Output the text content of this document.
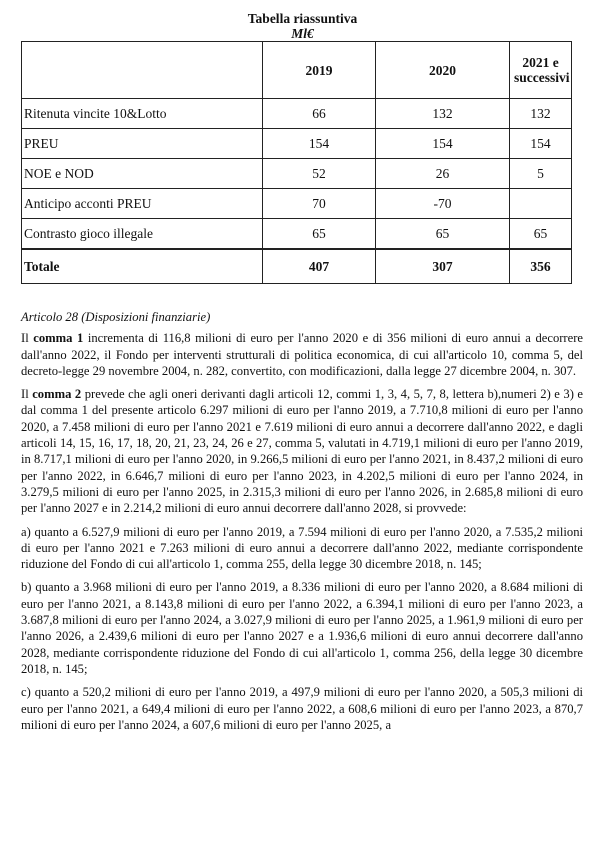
Tabella riassuntiva
Ml€
	2019	2020	2021 e successivi
Ritenuta vincite 10&Lotto	66	132	132
PREU	154	154	154
NOE e NOD	52	26	5
Anticipo acconti PREU	70	-70	
Contrasto gioco illegale	65	65	65
Totale	407	307	356

Articolo 28 (Disposizioni finanziarie)

Il comma 1 incrementa di 116,8 milioni di euro per l'anno 2020 e di 356 milioni di euro annui a decorrere dall'anno 2022, il Fondo per interventi strutturali di politica economica, di cui all'articolo 10, comma 5, del decreto-legge 29 novembre 2004, n. 282, convertito, con modificazioni, dalla legge 27 dicembre 2004, n. 307.

Il comma 2 prevede che agli oneri derivanti dagli articoli 12, commi 1, 3, 4, 5, 7, 8, lettera b),numeri 2) e 3) e dal comma 1 del presente articolo 6.297 milioni di euro per l'anno 2019, a 7.710,8 milioni di euro per l'anno 2020, a 7.458 milioni di euro per l'anno 2021 e 7.619 milioni di euro annui a decorrere dall'anno 2022, e dagli articoli 14, 15, 16, 17, 18, 20, 21, 23, 24, 26 e 27, comma 5, valutati in 4.719,1 milioni di euro per l'anno 2019, in 8.717,1 milioni di euro per l'anno 2020, in 9.266,5 milioni di euro per l'anno 2021, in 8.437,2 milioni di euro per l'anno 2022, in 6.646,7 milioni di euro per l'anno 2023, in 4.202,5 milioni di euro per l'anno 2024, in 3.279,5 milioni di euro per l'anno 2025, in 2.315,3 milioni di euro per l'anno 2026, in 2.685,8 milioni di euro per l'anno 2027 e in 2.214,2 milioni di euro annui decorrere dall'anno 2028, si provvede:

a) quanto a 6.527,9 milioni di euro per l'anno 2019, a 7.594 milioni di euro per l'anno 2020, a 7.535,2 milioni di euro per l'anno 2021 e 7.263 milioni di euro annui a decorrere dall'anno 2022, mediante corrispondente riduzione del Fondo di cui all'articolo 1, comma 255, della legge 30 dicembre 2018, n. 145;

b) quanto a 3.968 milioni di euro per l'anno 2019, a 8.336 milioni di euro per l'anno 2020, a 8.684 milioni di euro per l'anno 2021, a 8.143,8 milioni di euro per l'anno 2022, a 6.394,1 milioni di euro per l'anno 2023, a 3.687,8 milioni di euro per l'anno 2024, a 3.027,9 milioni di euro per l'anno 2025, a 1.961,9 milioni di euro per l'anno 2026, a 2.439,6 milioni di euro per l'anno 2027 e a 1.936,6 milioni di euro annui decorrere dall'anno 2028, mediante corrispondente riduzione del Fondo di cui all'articolo 1, comma 256, della legge 30 dicembre 2018, n. 145;

c) quanto a 520,2 milioni di euro per l'anno 2019, a 497,9 milioni di euro per l'anno 2020, a 505,3 milioni di euro per l'anno 2021, a 649,4 milioni di euro per l'anno 2022, a 608,6 milioni di euro per l'anno 2023, a 870,7 milioni di euro per l'anno 2024, a 607,6 milioni di euro per l'anno 2025, a
